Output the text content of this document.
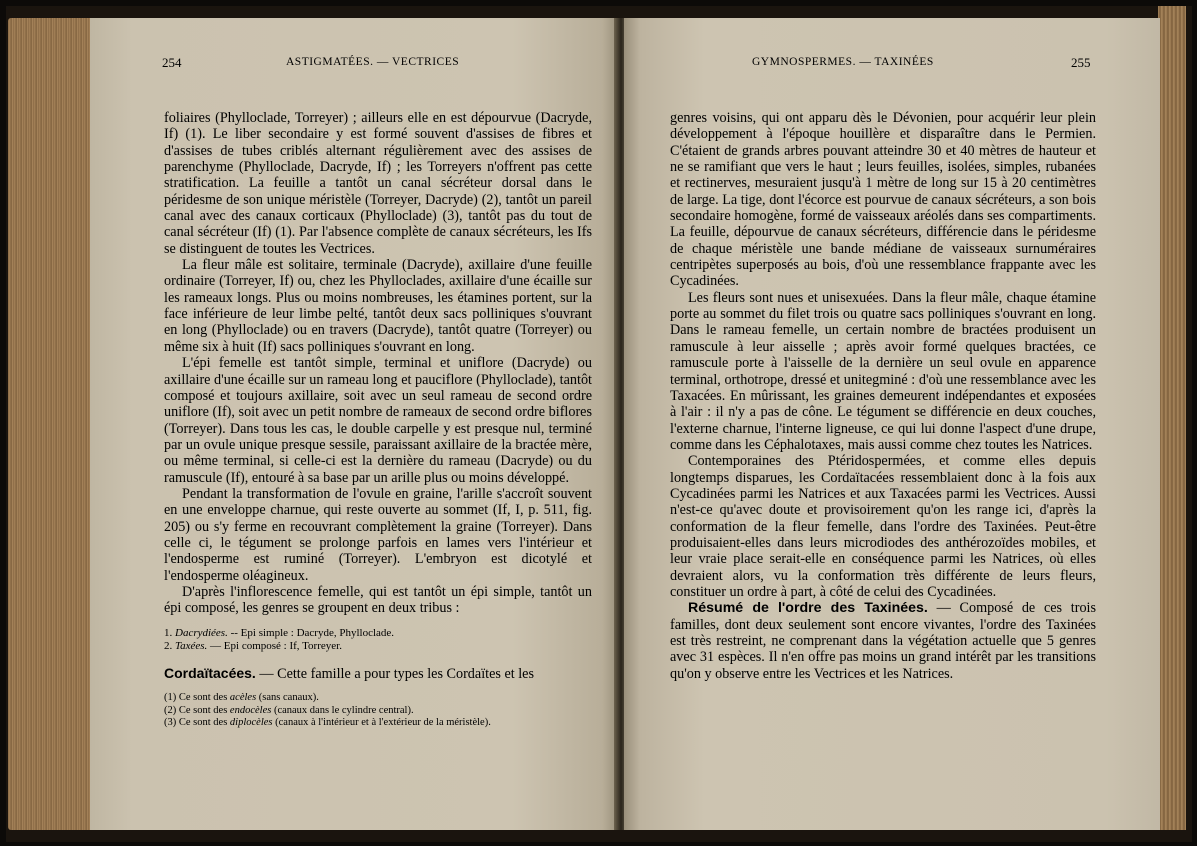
254	ASTIGMATÉES. — VECTRICES

foliaires (Phylloclade, Torreyer) ; ailleurs elle en est dépourvue (Dacryde, If) (1). Le liber secondaire y est formé souvent d'assises de fibres et d'assises de tubes criblés alternant régulièrement avec des assises de parenchyme (Phylloclade, Dacryde, If) ; les Torreyers n'offrent pas cette stratification. La feuille a tantôt un canal sécréteur dorsal dans le péridesme de son unique méristèle (Torreyer, Dacryde) (2), tantôt un pareil canal avec des canaux corticaux (Phylloclade) (3), tantôt pas du tout de canal sécréteur (If) (1). Par l'absence complète de canaux sécréteurs, les Ifs se distinguent de toutes les Vectrices.

La fleur mâle est solitaire, terminale (Dacryde), axillaire d'une feuille ordinaire (Torreyer, If) ou, chez les Phylloclades, axillaire d'une écaille sur les rameaux longs. Plus ou moins nombreuses, les étamines portent, sur la face inférieure de leur limbe pelté, tantôt deux sacs polliniques s'ouvrant en long (Phylloclade) ou en travers (Dacryde), tantôt quatre (Torreyer) ou même six à huit (If) sacs polliniques s'ouvrant en long.

L'épi femelle est tantôt simple, terminal et uniflore (Dacryde) ou axillaire d'une écaille sur un rameau long et pauciflore (Phylloclade), tantôt composé et toujours axillaire, soit avec un seul rameau de second ordre uniflore (If), soit avec un petit nombre de rameaux de second ordre biflores (Torreyer). Dans tous les cas, le double carpelle y est presque nul, terminé par un ovule unique presque sessile, paraissant axillaire de la bractée mère, ou même terminal, si celle-ci est la dernière du rameau (Dacryde) ou du ramuscule (If), entouré à sa base par un arille plus ou moins développé.

Pendant la transformation de l'ovule en graine, l'arille s'accroît souvent en une enveloppe charnue, qui reste ouverte au sommet (If, I, p. 511, fig. 205) ou s'y ferme en recouvrant complètement la graine (Torreyer). Dans celle ci, le tégument se prolonge parfois en lames vers l'intérieur et l'endosperme est ruminé (Torreyer). L'embryon est dicotylé et l'endosperme oléagineux.

D'après l'inflorescence femelle, qui est tantôt un épi simple, tantôt un épi composé, les genres se groupent en deux tribus :

1. Dacrydiées. -- Epi simple : Dacryde, Phylloclade.
2. Taxées. — Epi composé : If, Torreyer.

Cordaïtacées. — Cette famille a pour types les Cordaïtes et les

(1) Ce sont des acèles (sans canaux).
(2) Ce sont des endocèles (canaux dans le cylindre central).
(3) Ce sont des diplocèles (canaux à l'intérieur et à l'extérieur de la méristèle).
GYMNOSPERMES. — TAXINÉES	255

genres voisins, qui ont apparu dès le Dévonien, pour acquérir leur plein développement à l'époque houillère et disparaître dans le Permien. C'étaient de grands arbres pouvant atteindre 30 et 40 mètres de hauteur et ne se ramifiant que vers le haut ; leurs feuilles, isolées, simples, rubanées et rectinerves, mesuraient jusqu'à 1 mètre de long sur 15 à 20 centimètres de large. La tige, dont l'écorce est pourvue de canaux sécréteurs, a son bois secondaire homogène, formé de vaisseaux aréolés dans ses compartiments. La feuille, dépourvue de canaux sécréteurs, différencie dans le péridesme de chaque méristèle une bande médiane de vaisseaux surnuméraires centripètes superposés au bois, d'où une ressemblance frappante avec les Cycadinées.

Les fleurs sont nues et unisexuées. Dans la fleur mâle, chaque étamine porte au sommet du filet trois ou quatre sacs polliniques s'ouvrant en long. Dans le rameau femelle, un certain nombre de bractées produisent un ramuscule à leur aisselle ; après avoir formé quelques bractées, ce ramuscule porte à l'aisselle de la dernière un seul ovule en apparence terminal, orthotrope, dressé et unitegminé : d'où une ressemblance avec les Taxacées. En mûrissant, les graines demeurent indépendantes et exposées à l'air : il n'y a pas de cône. Le tégument se différencie en deux couches, l'externe charnue, l'interne ligneuse, ce qui lui donne l'aspect d'une drupe, comme dans les Céphalotaxes, mais aussi comme chez toutes les Natrices.

Contemporaines des Ptéridospermées, et comme elles depuis longtemps disparues, les Cordaïtacées ressemblaient donc à la fois aux Cycadinées parmi les Natrices et aux Taxacées parmi les Vectrices. Aussi n'est-ce qu'avec doute et provisoirement qu'on les range ici, d'après la conformation de la fleur femelle, dans l'ordre des Taxinées. Peut-être produisaient-elles dans leurs microdiodes des anthérozoïdes mobiles, et leur vraie place serait-elle en conséquence parmi les Natrices, où elles devraient alors, vu la conformation très différente de leurs fleurs, constituer un ordre à part, à côté de celui des Cycadinées.

Résumé de l'ordre des Taxinées. — Composé de ces trois familles, dont deux seulement sont encore vivantes, l'ordre des Taxinées est très restreint, ne comprenant dans la végétation actuelle que 5 genres avec 31 espèces. Il n'en offre pas moins un grand intérêt par les transitions qu'on y observe entre les Vectrices et les Natrices.
